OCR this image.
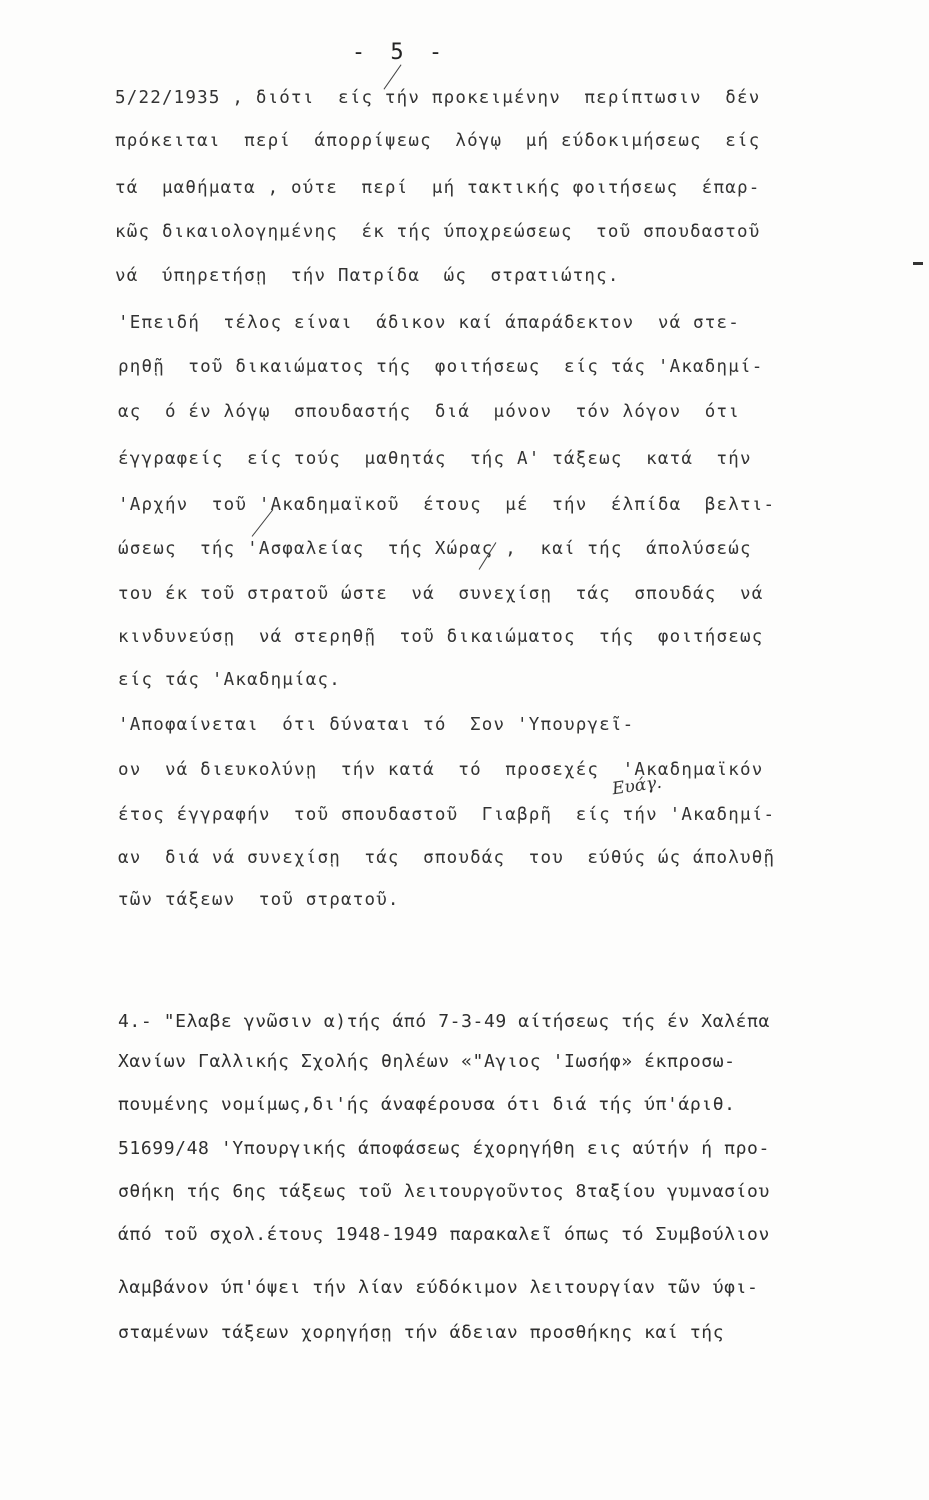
- 5 -
5/22/1935 , διότι  είς τήν προκειμένην  περίπτωσιν  δέν
πρόκειται  περί  άπορρίψεως  λόγῳ  μή εύδοκιμήσεως  είς
τά  μαθήματα , ούτε  περί  μή τακτικής φοιτήσεως  έπαρ-
κῶς δικαιολογημένης  έκ τής ύποχρεώσεως  τοῦ σπουδαστοῦ
νά  ύπηρετήσῃ  τήν Πατρίδα  ώς  στρατιώτης.
'Επειδή  τέλος είναι  άδικον καί άπαράδεκτον  νά στε-
ρηθῇ  τοῦ δικαιώματος τής  φοιτήσεως  είς τάς 'Ακαδημί-
ας  ό έν λόγῳ  σπουδαστής  διά  μόνον  τόν λόγον  ότι
έγγραφείς  είς τούς  μαθητάς  τής Α' τάξεως  κατά  τήν
'Αρχήν  τοῦ 'Ακαδημαϊκοῦ  έτους  μέ  τήν  έλπίδα  βελτι-
ώσεως  τής 'Ασφαλείας  τής Χώρας ,  καί τής  άπολύσεώς
του έκ τοῦ στρατοῦ ώστε  νά  συνεχίσῃ  τάς  σπουδάς  νά
κινδυνεύσῃ  νά στερηθῇ  τοῦ δικαιώματος  τής  φοιτήσεως
είς τάς 'Ακαδημίας.
'Αποφαίνεται  ότι δύναται τό  Σον 'Υπουργεῖ-
ον  νά διευκολύνῃ  τήν κατά  τό  προσεχές  'Ακαδημαϊκόν
έτος έγγραφήν  τοῦ σπουδαστοῦ  Γιαβρῆ  είς τήν 'Ακαδημί-
αν  διά νά συνεχίσῃ  τάς  σπουδάς  του  εύθύς ώς άπολυθῇ
τῶν τάξεων  τοῦ στρατοῦ.
Ευάγ.
4.- "Ελαβε γνῶσιν α)τής άπό 7-3-49 αίτήσεως τής έν Χαλέπα
Χανίων Γαλλικής Σχολής θηλέων «"Αγιος 'Ιωσήφ» έκπροσω-
πουμένης νομίμως,δι'ής άναφέρουσα ότι διά τής ύπ'άριθ.
51699/48 'Υπουργικής άποφάσεως έχορηγήθη εις αύτήν ή προ-
σθήκη τής 6ης τάξεως τοῦ λειτουργοῦντος 8ταξίου γυμνασίου
άπό τοῦ σχολ.έτους 1948-1949 παρακαλεῖ όπως τό Συμβούλιον
λαμβάνον ύπ'όψει τήν λίαν εύδόκιμον λειτουργίαν τῶν ύφι-
σταμένων τάξεων χορηγήσῃ τήν άδειαν προσθήκης καί τής
